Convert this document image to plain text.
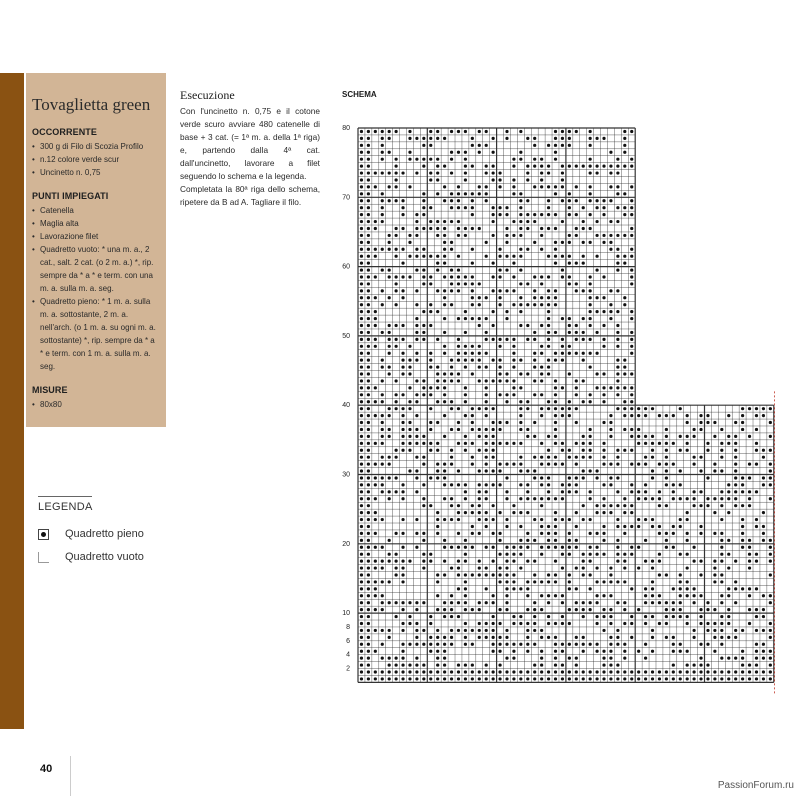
Tovaglietta green
OCCORRENTE
• 300 g di Filo di Scozia Profilo
• n.12 colore verde scur
• Uncinetto n. 0,75
PUNTI IMPIEGATI
• Catenella
• Maglia alta
• Lavorazione filet
• Quadretto vuoto: * una m. a., 2 cat., salt. 2 cat. (o 2 m. a.) *, rip. sempre da * a * e term. con una m. a. sulla m. a. seg.
• Quadretto pieno: * 1 m. a. sulla m. a. sottostante, 2 m. a. nell'arch. (o 1 m. a. su ogni m. a. sottostante) *, rip. sempre da * a * e term. con 1 m. a. sulla m. a. seg.
MISURE
• 80x80
LEGENDA
Quadretto pieno
Quadretto vuoto
Esecuzione

Con l'uncinetto n. 0,75 e il cotone verde scuro avviare 480 catenelle di base + 3 cat. (= 1ª m. a. della 1ª riga) e, partendo dalla 4ª cat. dall'uncinetto, lavorare a filet seguendo lo schema e la legenda.

Completata la 80ª riga dello schema, ripetere da B ad A. Tagliare il filo.

SCHEMA
2
4
6
8
10
20
30
40
50
60
70
80
40
PassionForum.ru
